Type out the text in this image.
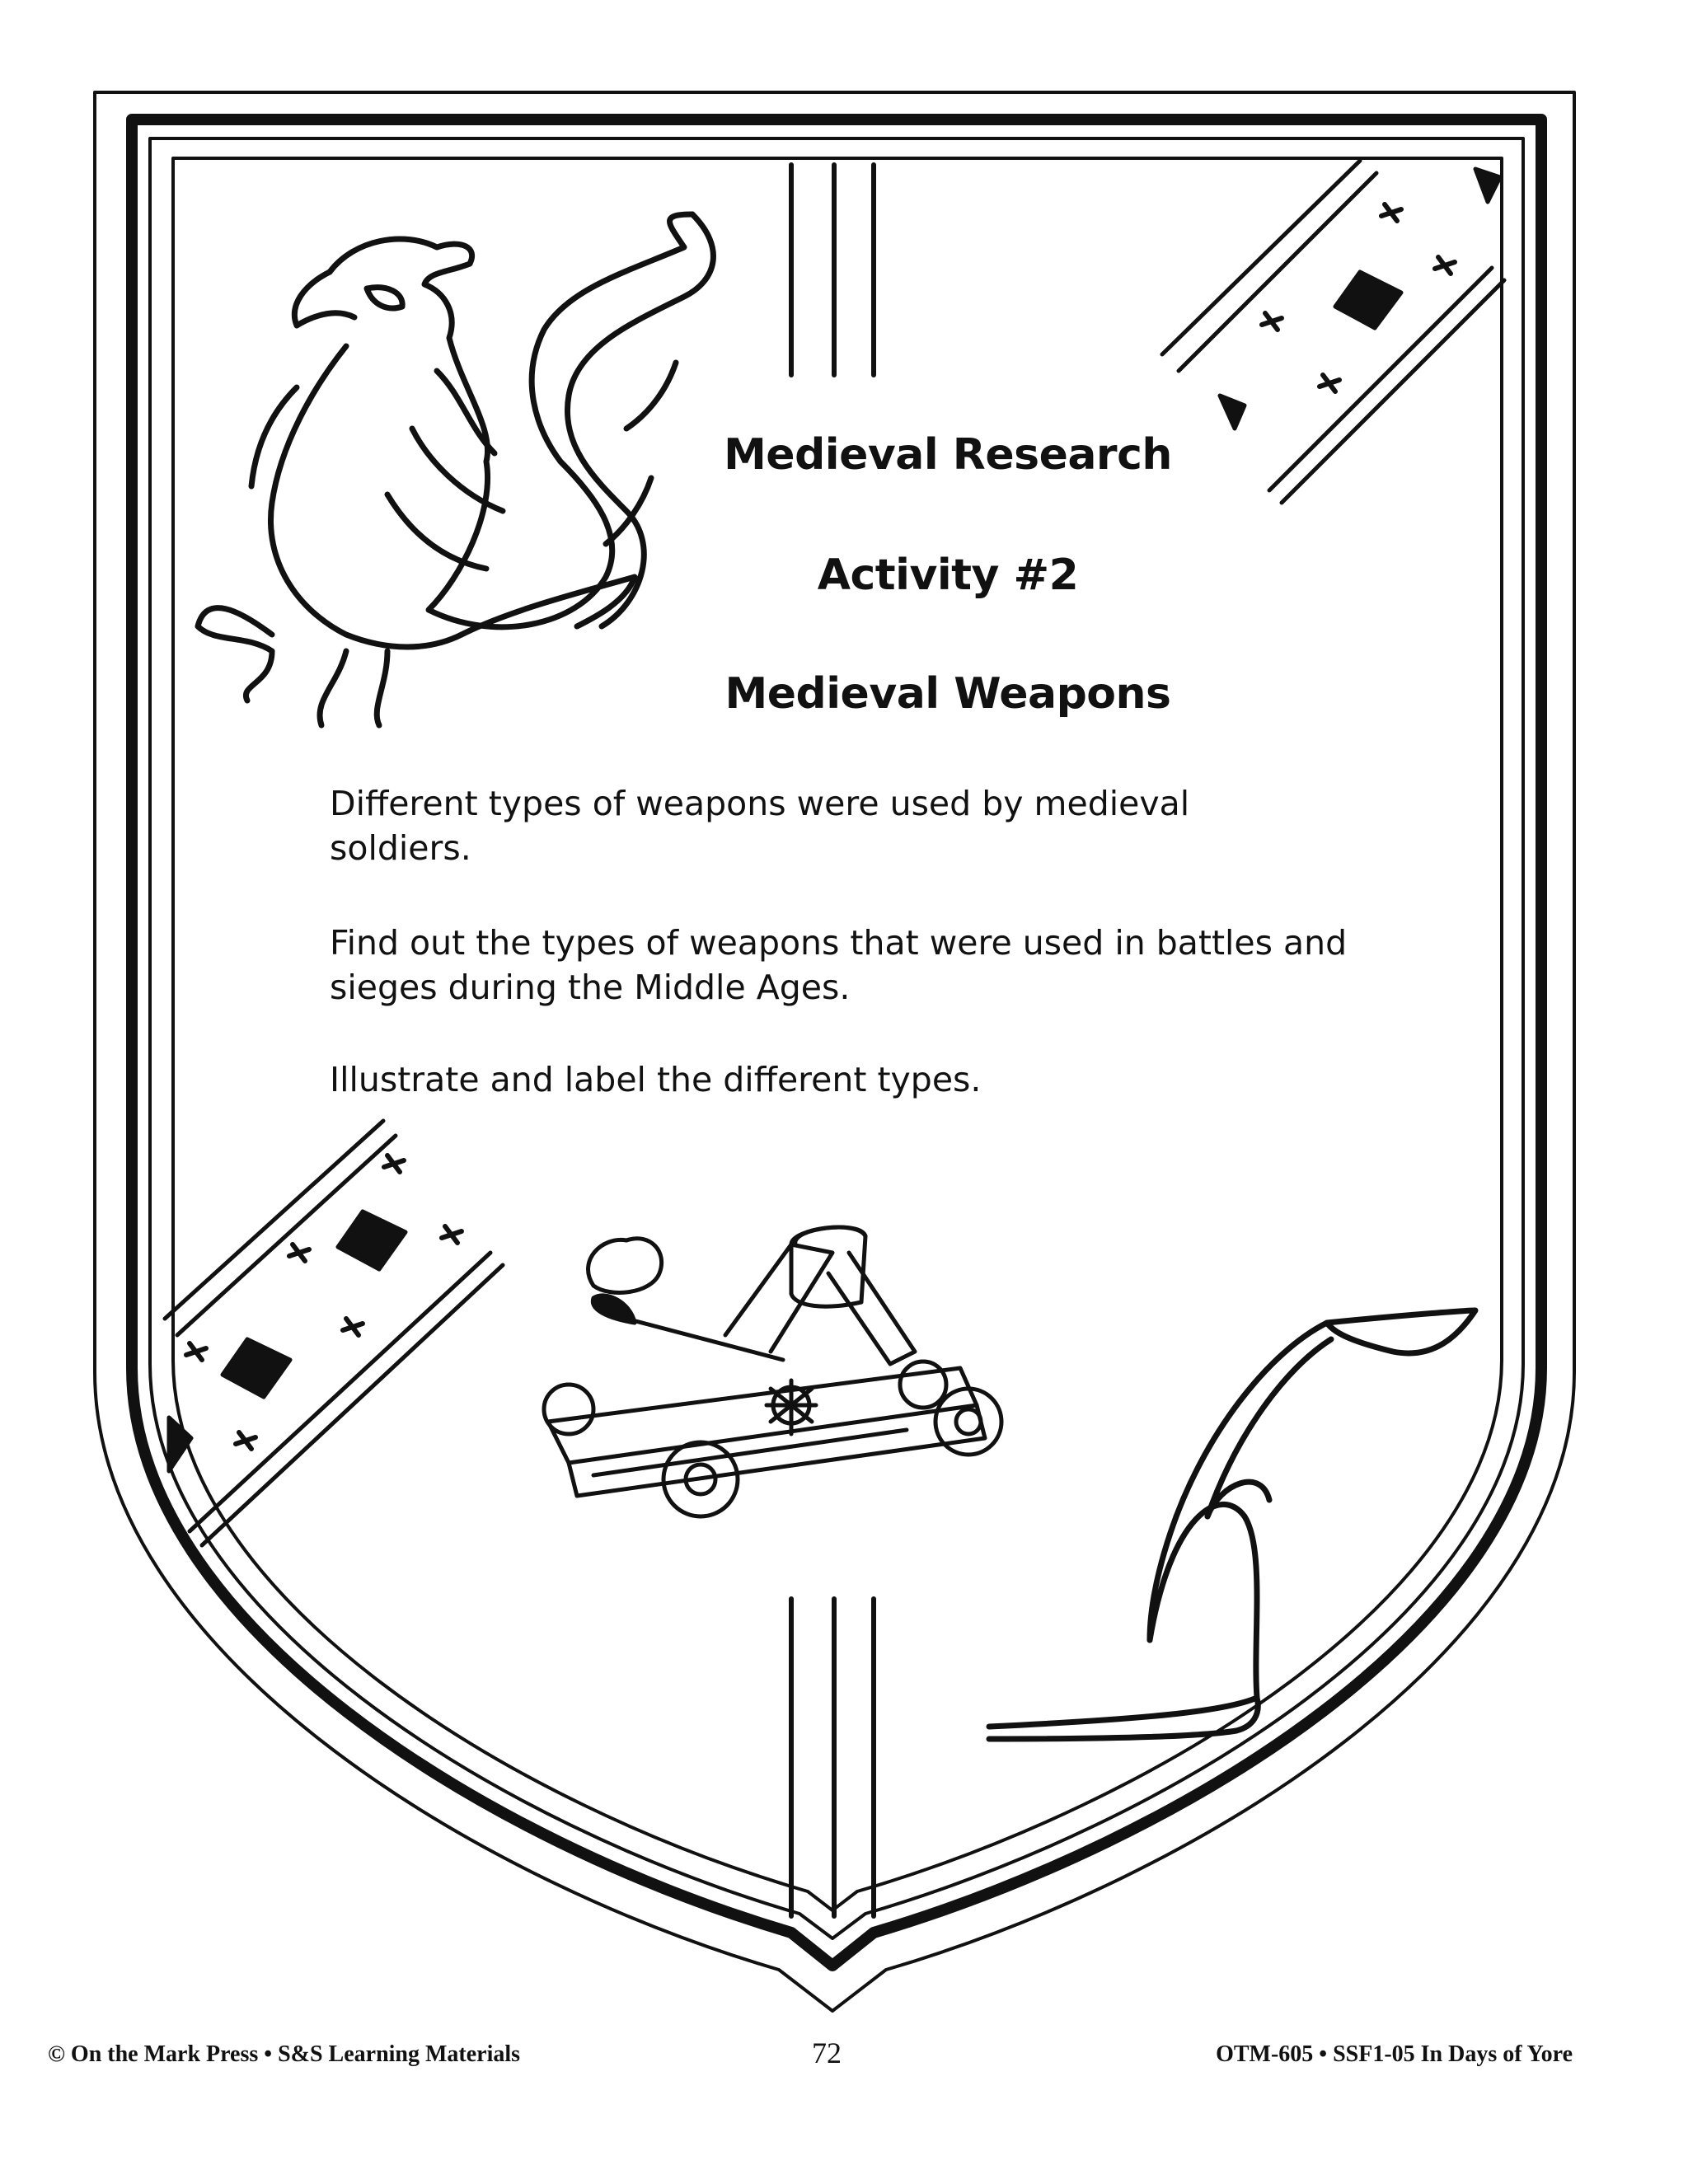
Medieval Research
Activity #2
Medieval Weapons

Different types of weapons were used by medieval soldiers.

Find out the types of weapons that were used in battles and sieges during the Middle Ages.

Illustrate and label the different types.

© On the Mark Press • S&S Learning Materials	72	OTM-605 • SSF1-05 In Days of Yore
